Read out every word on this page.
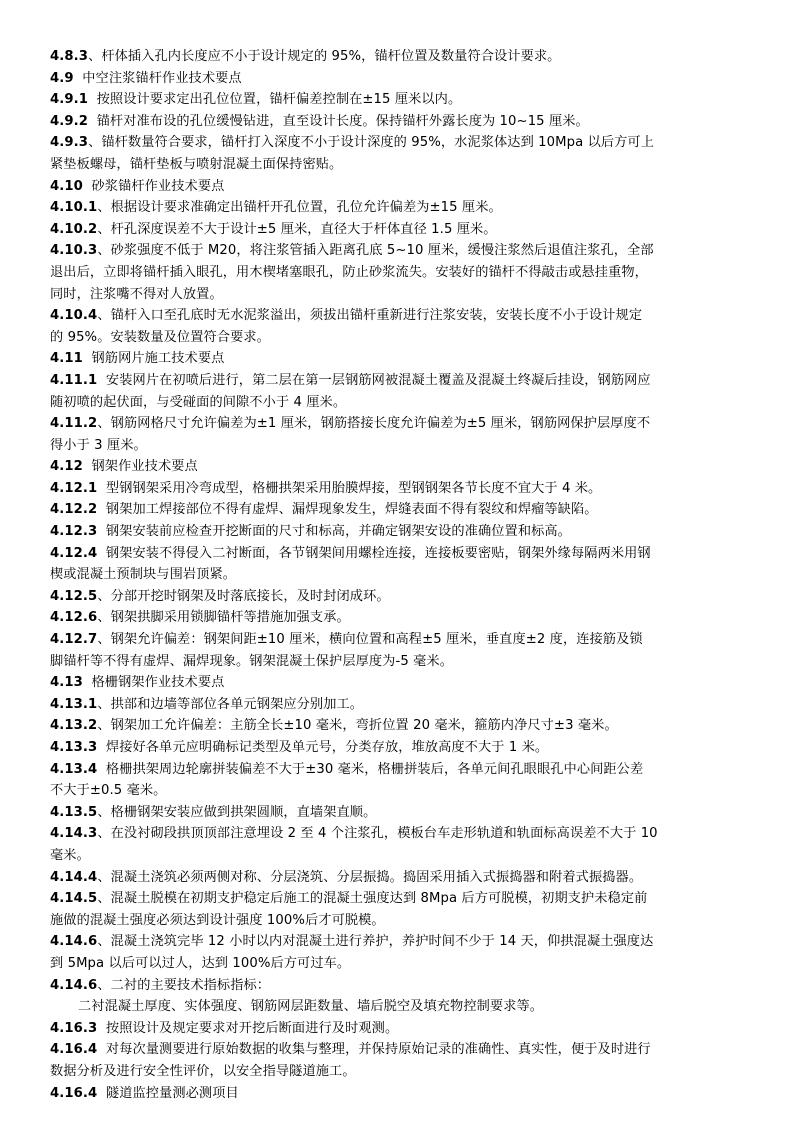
4.8.3、杆体插入孔内长度应不小于设计规定的 95%，锚杆位置及数量符合设计要求。
4.9  中空注浆锚杆作业技术要点
4.9.1  按照设计要求定出孔位位置，锚杆偏差控制在±15 厘米以内。
4.9.2  锚杆对准布设的孔位缓慢钻进，直至设计长度。保持锚杆外露长度为 10~15 厘米。
4.9.3、锚杆数量符合要求，锚杆打入深度不小于设计深度的 95%，水泥浆体达到 10Mpa 以后方可上
紧垫板螺母，锚杆垫板与喷射混凝土面保持密贴。
4.10  砂浆锚杆作业技术要点
4.10.1、根据设计要求准确定出锚杆开孔位置，孔位允许偏差为±15 厘米。
4.10.2、杆孔深度误差不大于设计±5 厘米，直径大于杆体直径 1.5 厘米。
4.10.3、砂浆强度不低于 M20，将注浆管插入距离孔底 5~10 厘米，缓慢注浆然后退值注浆孔，全部
退出后，立即将锚杆插入眼孔，用木楔堵塞眼孔，防止砂浆流失。安装好的锚杆不得敲击或悬挂重物，
同时，注浆嘴不得对人放置。
4.10.4、锚杆入口至孔底时无水泥浆溢出，须拔出锚杆重新进行注浆安装，安装长度不小于设计规定
的 95%。安装数量及位置符合要求。
4.11  钢筋网片施工技术要点
4.11.1  安装网片在初喷后进行，第二层在第一层钢筋网被混凝土覆盖及混凝土终凝后挂设，钢筋网应
随初喷的起伏面，与受碰面的间隙不小于 4 厘米。
4.11.2、钢筋网格尺寸允许偏差为±1 厘米，钢筋搭接长度允许偏差为±5 厘米，钢筋网保护层厚度不
得小于 3 厘米。
4.12  钢架作业技术要点
4.12.1  型钢钢架采用冷弯成型，格栅拱架采用胎膜焊接，型钢钢架各节长度不宜大于 4 米。
4.12.2  钢架加工焊接部位不得有虚焊、漏焊现象发生，焊缝表面不得有裂纹和焊瘤等缺陷。
4.12.3  钢架安装前应检查开挖断面的尺寸和标高，并确定钢架安设的准确位置和标高。
4.12.4  钢架安装不得侵入二衬断面，各节钢架间用螺栓连接，连接板要密贴，钢架外缘每隔两米用钢
楔或混凝土预制块与围岩顶紧。
4.12.5、分部开挖时钢架及时落底接长，及时封闭成环。
4.12.6、钢架拱脚采用锁脚锚杆等措施加强支承。
4.12.7、钢架允许偏差：钢架间距±10 厘米，横向位置和高程±5 厘米，垂直度±2 度，连接筋及锁
脚锚杆等不得有虚焊、漏焊现象。钢架混凝土保护层厚度为-5 毫米。
4.13  格栅钢架作业技术要点
4.13.1、拱部和边墙等部位各单元钢架应分别加工。
4.13.2、钢架加工允许偏差：主筋全长±10 毫米，弯折位置 20 毫米，箍筋内净尺寸±3 毫米。
4.13.3  焊接好各单元应明确标记类型及单元号，分类存放，堆放高度不大于 1 米。
4.13.4  格栅拱架周边轮廓拼装偏差不大于±30 毫米，格栅拼装后，各单元间孔眼眼孔中心间距公差
不大于±0.5 毫米。
4.13.5、格栅钢架安装应做到拱架圆顺，直墙架直顺。
4.14.3、在没衬砌段拱顶顶部注意埋设 2 至 4 个注浆孔，模板台车走形轨道和轨面标高误差不大于 10
毫米。
4.14.4、混凝土浇筑必须两侧对称、分层浇筑、分层振捣。捣固采用插入式振捣器和附着式振捣器。
4.14.5、混凝土脱模在初期支护稳定后施工的混凝土强度达到 8Mpa 后方可脱模，初期支护未稳定前
施做的混凝土强度必须达到设计强度 100%后才可脱模。
4.14.6、混凝土浇筑完毕 12 小时以内对混凝土进行养护，养护时间不少于 14 天，仰拱混凝土强度达
到 5Mpa 以后可以过人，达到 100%后方可过车。
4.14.6、二衬的主要技术指标指标：
二衬混凝土厚度、实体强度、钢筋网层距数量、墙后脱空及填充物控制要求等。
4.16.3  按照设计及规定要求对开挖后断面进行及时观测。
4.16.4  对每次量测要进行原始数据的收集与整理，并保持原始记录的准确性、真实性，便于及时进行
数据分析及进行安全性评价，以安全指导隧道施工。
4.16.4  隧道监控量测必测项目
